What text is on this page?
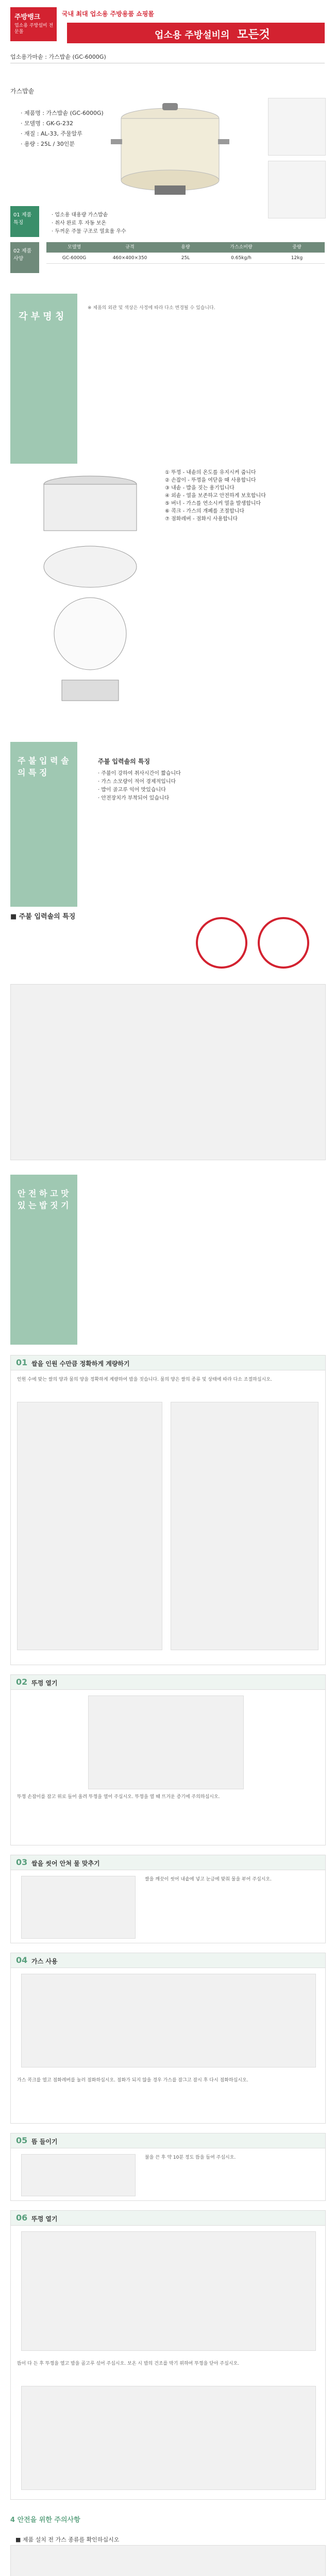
주방뱅크
업소용 주방설비 전문몰
국내 최대 업소용 주방용품 쇼핑몰
업소용 주방설비의 모든것
업소용가마솥 : 가스밥솥 (GC-6000G)
가스밥솥
· 제품명 : 가스밥솥 (GC-6000G)
· 모델명 : GK-G-232
· 재질 : AL-33, 주물알루
· 용량 : 25L / 30인분
01 제품특징
· 업소용 대용량 가스밥솥
· 취사 완료 후 자동 보온
· 두꺼운 주물 구조로 열효율 우수
02 제품사양
모델명	규격	용량	가스소비량	중량
GC-6000G	460×400×350	25L	0.65kg/h	12kg
각 부 명 칭
1
※ 제품의 외관 및 색상은 사정에 따라 다소 변경될 수 있습니다.
① 뚜껑 - 내솥의 온도를 유지시켜 줍니다
② 손잡이 - 뚜껑을 여닫을 때 사용합니다
③ 내솥 - 밥을 짓는 용기입니다
④ 외솥 - 열을 보존하고 안전하게 보호합니다
⑤ 버너 - 가스를 연소시켜 열을 발생합니다
⑥ 콕크 - 가스의 개폐를 조절합니다
⑦ 점화레버 - 점화시 사용합니다
주 불 입 력 솔 의 특 징
2
주불 입력솔의 특징
· 주불이 강하여 취사시간이 짧습니다
· 가스 소모량이 적어 경제적입니다
· 밥이 골고루 익어 맛있습니다
· 안전장치가 부착되어 있습니다
■ 주불 입력솔의 특징
안 전 하 고 맛 있 는 밥 짓 기
3
01 쌀을 인원 수만큼 정확하게 계량하기
인원 수에 맞는 쌀의 양과 물의 양을 정확하게 계량하여 밥을 짓습니다. 물의 양은 쌀의 종류 및 상태에 따라 다소 조절하십시오.
02 뚜껑 열기
뚜껑 손잡이를 잡고 위로 들어 올려 뚜껑을 열어 주십시오. 뚜껑을 열 때 뜨거운 증기에 주의하십시오.
03 쌀을 씻어 안쳐 물 맞추기
쌀을 깨끗이 씻어 내솥에 넣고 눈금에 맞춰 물을 부어 주십시오.
04 가스 사용
가스 콕크를 열고 점화레버를 눌러 점화하십시오. 점화가 되지 않을 경우 가스를 잠그고 잠시 후 다시 점화하십시오.
05 뜸 들이기
불을 끈 후 약 10분 정도 뜸을 들여 주십시오.
06 뚜껑 열기
뜸이 다 든 후 뚜껑을 열고 밥을 골고루 섞어 주십시오. 보온 시 밥의 건조를 막기 위하여 뚜껑을 닫아 주십시오.
4 안전을 위한 주의사항
■ 제품 설치 전 가스 종류를 확인하십시오
